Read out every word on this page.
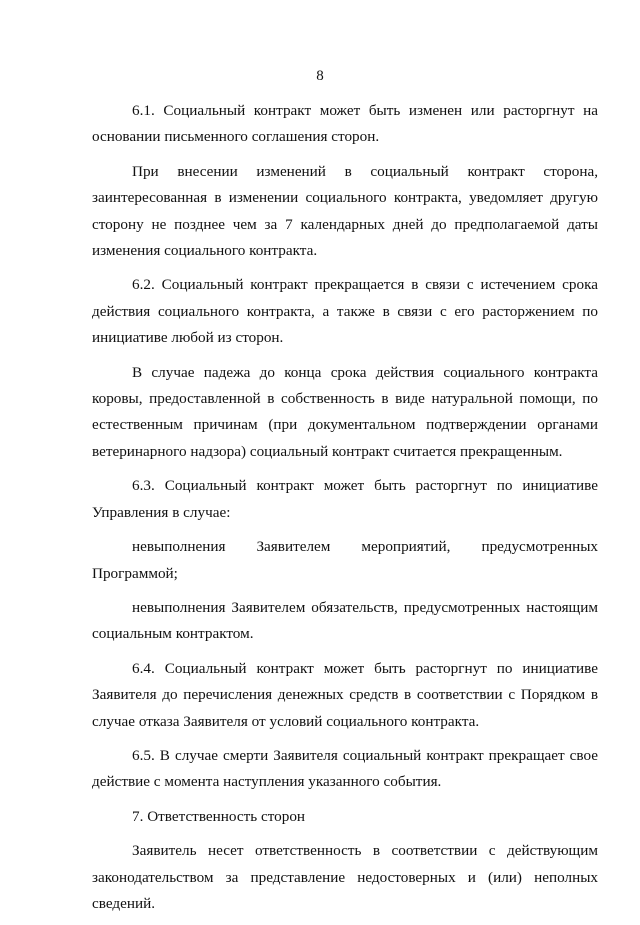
8

6.1. Социальный контракт может быть изменен или расторгнут на основании письменного соглашения сторон.

При внесении изменений в социальный контракт сторона, заинтересованная в изменении социального контракта, уведомляет другую сторону не позднее чем за 7 календарных дней до предполагаемой даты изменения социального контракта.

6.2. Социальный контракт прекращается в связи с истечением срока действия социального контракта, а также в связи с его расторжением по инициативе любой из сторон.

В случае падежа до конца срока действия социального контракта коровы, предоставленной в собственность в виде натуральной помощи, по естественным причинам (при документальном подтверждении органами ветеринарного надзора) социальный контракт считается прекращенным.

6.3. Социальный контракт может быть расторгнут по инициативе Управления в случае:

невыполнения Заявителем мероприятий, предусмотренных Программой;

невыполнения Заявителем обязательств, предусмотренных настоящим социальным контрактом.

6.4. Социальный контракт может быть расторгнут по инициативе Заявителя до перечисления денежных средств в соответствии с Порядком в случае отказа Заявителя от условий социального контракта.

6.5. В случае смерти Заявителя социальный контракт прекращает свое действие с момента наступления указанного события.

7. Ответственность сторон

Заявитель несет ответственность в соответствии с действующим законодательством за представление недостоверных и (или) неполных сведений.
